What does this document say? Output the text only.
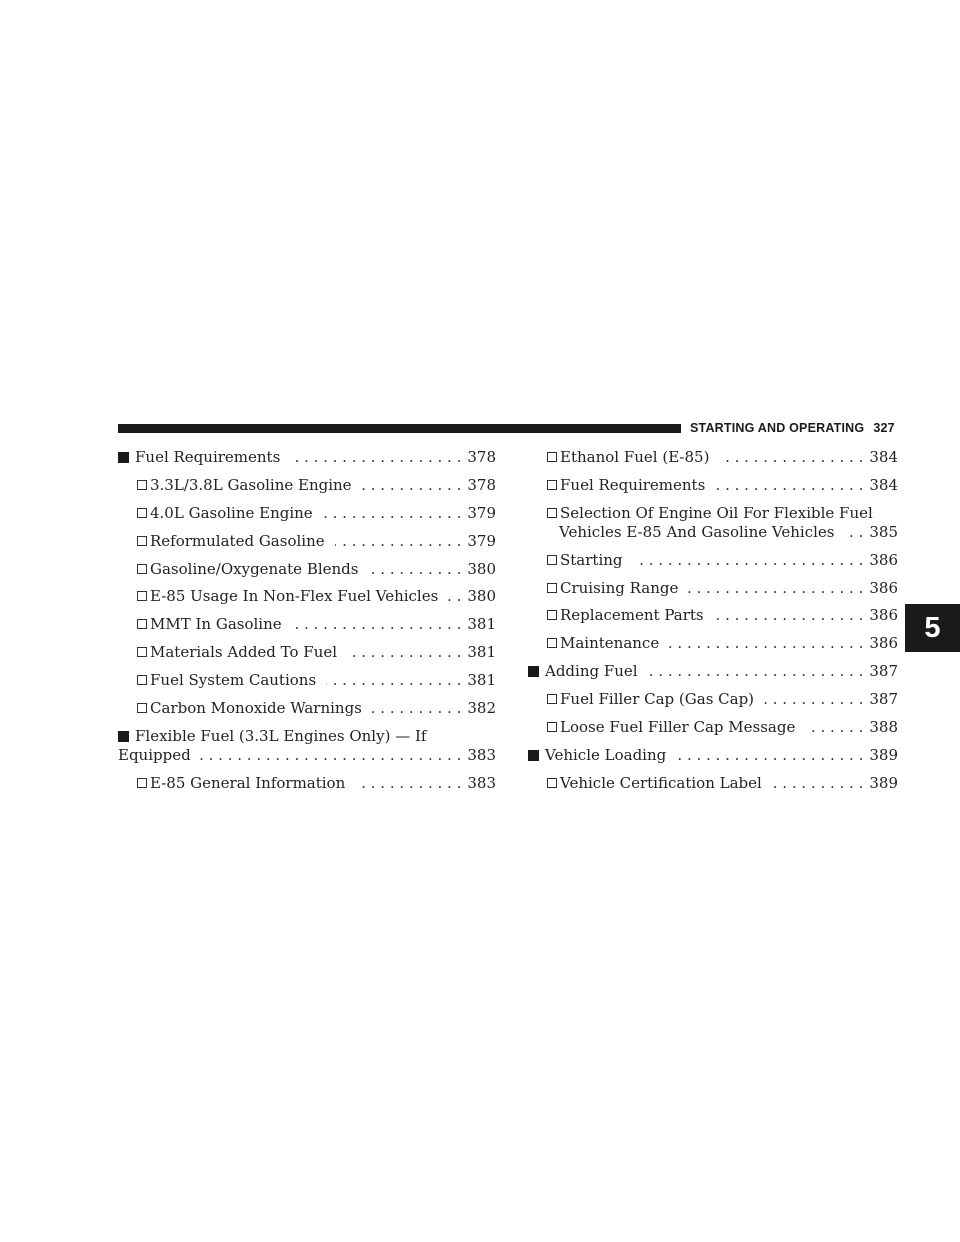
STARTING AND OPERATING 327
5
Fuel Requirements . . .	378
3.3L/3.8L Gasoline Engine . . .	378
4.0L Gasoline Engine . . .	379
Reformulated Gasoline . . .	379
Gasoline/Oxygenate Blends . . .	380
E-85 Usage In Non-Flex Fuel Vehicles . . . 380
MMT In Gasoline . . .	381
Materials Added To Fuel . . .	381
Fuel System Cautions . . .	381
Carbon Monoxide Warnings . . .	382
Flexible Fuel (3.3L Engines Only) — If
Equipped . . .	383
E-85 General Information . . .	383
Ethanol Fuel (E-85) . . .	384
Fuel Requirements . . .	384
Selection Of Engine Oil For Flexible Fuel
Vehicles E-85 And Gasoline Vehicles . . . 385
Starting . . .	386
Cruising Range . . .	386
Replacement Parts . . .	386
Maintenance . . .	386
Adding Fuel . . .	387
Fuel Filler Cap (Gas Cap) . . .	387
Loose Fuel Filler Cap Message . . .	388
Vehicle Loading . . .	389
Vehicle Certification Label . . .	389
